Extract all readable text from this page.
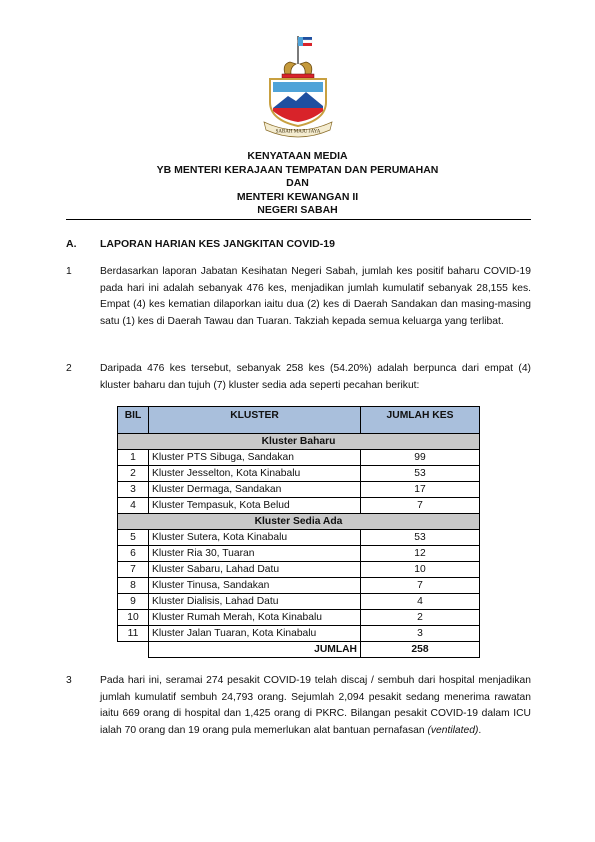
SABAH MAJU JAYA
KENYATAAN MEDIA
YB MENTERI KERAJAAN TEMPATAN DAN PERUMAHAN
DAN
MENTERI KEWANGAN II
NEGERI SABAH
A. LAPORAN HARIAN KES JANGKITAN COVID-19
1	Berdasarkan laporan Jabatan Kesihatan Negeri Sabah, jumlah kes positif baharu COVID-19 pada hari ini adalah sebanyak 476 kes, menjadikan jumlah kumulatif sebanyak 28,155 kes. Empat (4) kes kematian dilaporkan iaitu dua (2) kes di Daerah Sandakan dan masing-masing satu (1) kes di Daerah Tawau dan Tuaran. Takziah kepada semua keluarga yang terlibat.
2	Daripada 476 kes tersebut, sebanyak 258 kes (54.20%) adalah berpunca dari empat (4) kluster baharu dan tujuh (7) kluster sedia ada seperti pecahan berikut:
BIL	KLUSTER	JUMLAH KES
Kluster Baharu		
1	Kluster PTS Sibuga, Sandakan	99
2	Kluster Jesselton, Kota Kinabalu	53
3	Kluster Dermaga, Sandakan	17
4	Kluster Tempasuk, Kota Belud	7
Kluster Sedia Ada		
5	Kluster Sutera, Kota Kinabalu	53
6	Kluster Ria 30, Tuaran	12
7	Kluster Sabaru, Lahad Datu	10
8	Kluster Tinusa, Sandakan	7
9	Kluster Dialisis, Lahad Datu	4
10	Kluster Rumah Merah, Kota Kinabalu	2
11	Kluster Jalan Tuaran, Kota Kinabalu	3
	JUMLAH	258
3	Pada hari ini, seramai 274 pesakit COVID-19 telah discaj / sembuh dari hospital menjadikan jumlah kumulatif sembuh 24,793 orang. Sejumlah 2,094 pesakit sedang menerima rawatan iaitu 669 orang di hospital dan 1,425 orang di PKRC. Bilangan pesakit COVID-19 dalam ICU ialah 70 orang dan 19 orang pula memerlukan alat bantuan pernafasan (ventilated).
